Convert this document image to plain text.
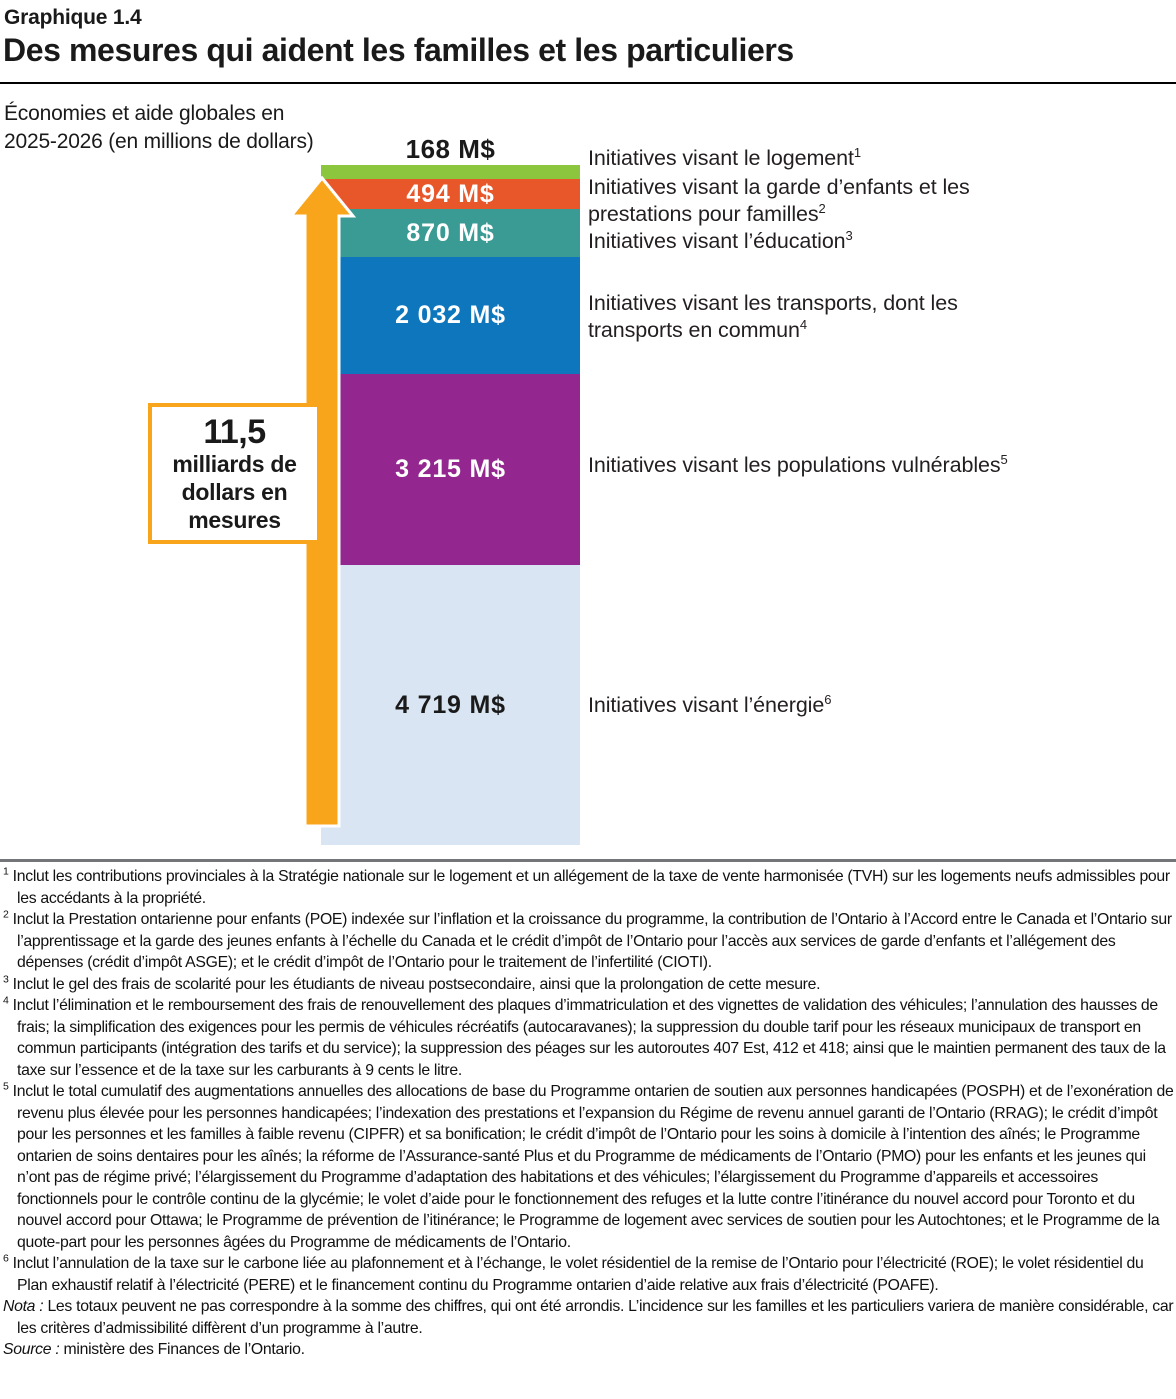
Graphique 1.4
Des mesures qui aident les familles et les particuliers
Économies et aide globales en
2025-2026 (en millions de dollars)	168 M$
494 M$
870 M$
2 032 M$
3 215 M$
4 719 M$
11,5
milliards de
dollars en
mesures
Initiatives visant le logement$^1$
Initiatives visant la garde d’enfants et les
prestations pour familles$^2$
Initiatives visant l’éducation$^3$
Initiatives visant les transports, dont les
transports en commun$^4$
Initiatives visant les populations vulnérables$^5$
Initiatives visant l’énergie$^6$

$^1$ Inclut les contributions provinciales à la Stratégie nationale sur le logement et un allégement de la taxe de vente harmonisée (TVH) sur les logements neufs admissibles pour les accédants à la propriété.

$^2$ Inclut la Prestation ontarienne pour enfants (POE) indexée sur l’inflation et la croissance du programme, la contribution de l’Ontario à l’Accord entre le Canada et l’Ontario sur l’apprentissage et la garde des jeunes enfants à l’échelle du Canada et le crédit d’impôt de l’Ontario pour l’accès aux services de garde d’enfants et l’allégement des dépenses (crédit d’impôt ASGE); et le crédit d’impôt de l’Ontario pour le traitement de l’infertilité (CIOTI).

$^3$ Inclut le gel des frais de scolarité pour les étudiants de niveau postsecondaire, ainsi que la prolongation de cette mesure.

$^4$ Inclut l’élimination et le remboursement des frais de renouvellement des plaques d’immatriculation et des vignettes de validation des véhicules; l’annulation des hausses de frais; la simplification des exigences pour les permis de véhicules récréatifs (autocaravanes); la suppression du double tarif pour les réseaux municipaux de transport en commun participants (intégration des tarifs et du service); la suppression des péages sur les autoroutes 407 Est, 412 et 418; ainsi que le maintien permanent des taux de la taxe sur l’essence et de la taxe sur les carburants à 9 cents le litre.

$^5$ Inclut le total cumulatif des augmentations annuelles des allocations de base du Programme ontarien de soutien aux personnes handicapées (POSPH) et de l’exonération de revenu plus élevée pour les personnes handicapées; l’indexation des prestations et l’expansion du Régime de revenu annuel garanti de l’Ontario (RRAG); le crédit d’impôt pour les personnes et les familles à faible revenu (CIPFR) et sa bonification; le crédit d’impôt de l’Ontario pour les soins à domicile à l’intention des aînés; le Programme ontarien de soins dentaires pour les aînés; la réforme de l’Assurance-santé Plus et du Programme de médicaments de l’Ontario (PMO) pour les enfants et les jeunes qui n’ont pas de régime privé; l’élargissement du Programme d’adaptation des habitations et des véhicules; l’élargissement du Programme d’appareils et accessoires fonctionnels pour le contrôle continu de la glycémie; le volet d’aide pour le fonctionnement des refuges et la lutte contre l’itinérance du nouvel accord pour Toronto et du nouvel accord pour Ottawa; le Programme de prévention de l’itinérance; le Programme de logement avec services de soutien pour les Autochtones; et le Programme de la quote-part pour les personnes âgées du Programme de médicaments de l’Ontario.

$^6$ Inclut l’annulation de la taxe sur le carbone liée au plafonnement et à l’échange, le volet résidentiel de la remise de l’Ontario pour l’électricité (ROE); le volet résidentiel du Plan exhaustif relatif à l’électricité (PERE) et le financement continu du Programme ontarien d’aide relative aux frais d’électricité (POAFE).

Nota : Les totaux peuvent ne pas correspondre à la somme des chiffres, qui ont été arrondis. L’incidence sur les familles et les particuliers variera de manière considérable, car les critères d’admissibilité diffèrent d’un programme à l’autre.

Source : ministère des Finances de l’Ontario.
